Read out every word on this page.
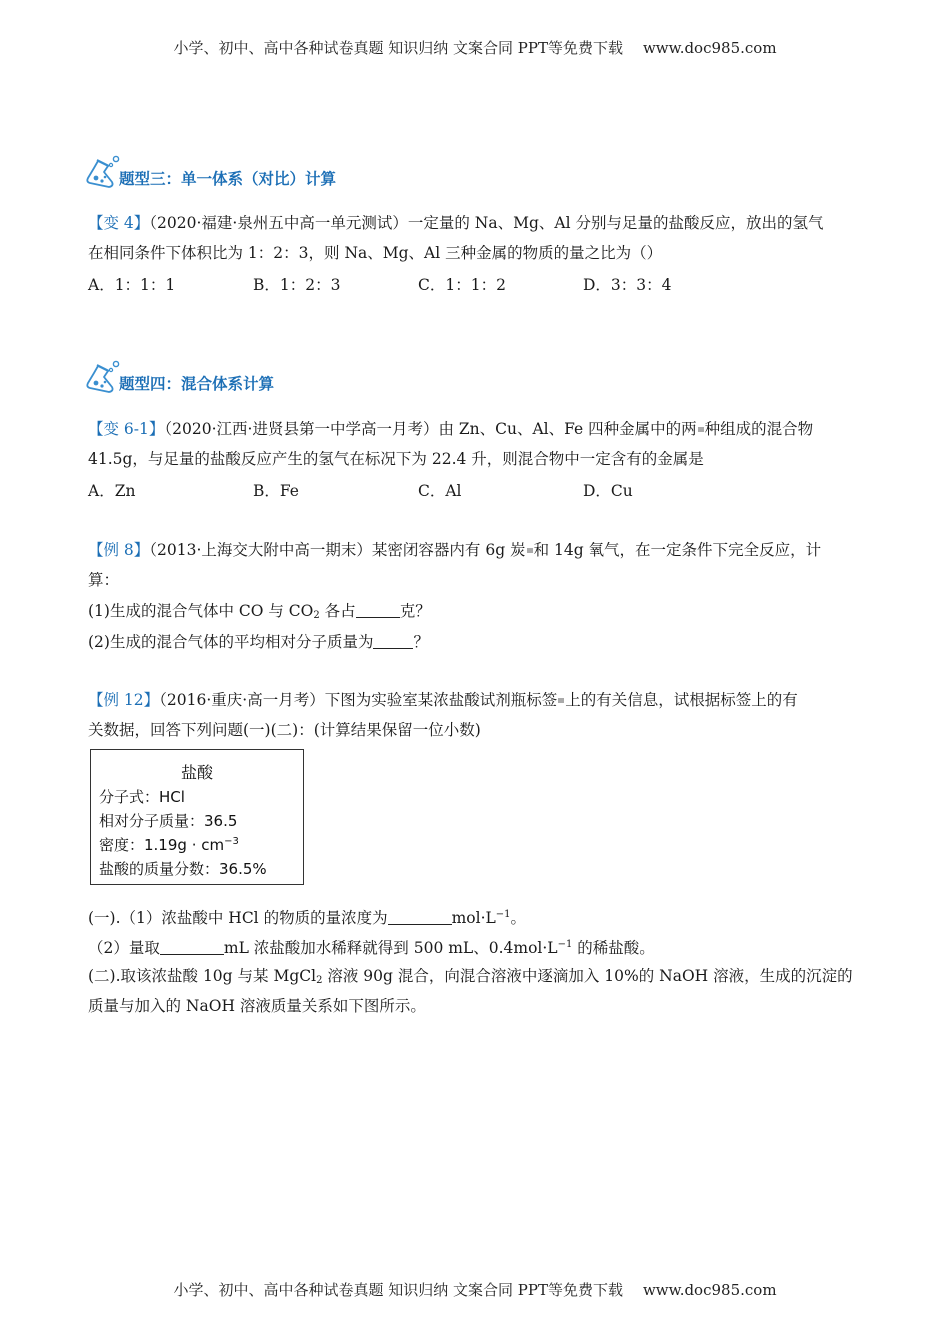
小学、初中、高中各种试卷真题 知识归纳 文案合同 PPT等免费下载 www.doc985.com
题型三：单一体系（对比）计算
【变 4】（2020·福建·泉州五中高一单元测试）一定量的 Na、Mg、Al 分别与足量的盐酸反应，放出的氢气
在相同条件下体积比为 1：2：3，则 Na、Mg、Al 三种金属的物质的量之比为（）
A．1：1：1	B．1：2：3	C．1：1：2	D．3：3：4
题型四：混合体系计算
【变 6-1】（2020·江西·进贤县第一中学高一月考）由 Zn、Cu、Al、Fe 四种金属中的两 种组成的混合物
41.5g，与足量的盐酸反应产生的氢气在标况下为 22.4 升，则混合物中一定含有的金属是
A．Zn	B．Fe	C．Al	D．Cu
【例 8】（2013·上海交大附中高一期末）某密闭容器内有 6g 炭 和 14g 氧气，在一定条件下完全反应，计
算：
(1)生成的混合气体中 CO 与 $CO_2$ 各占	克？
(2)生成的混合气体的平均相对分子质量为	？
【例 12】（2016·重庆·高一月考）下图为实验室某浓盐酸试剂瓶标签 上的有关信息，试根据标签上的有
关数据，回答下列问题(一)(二)：(计算结果保留一位小数)
盐酸
分子式：HCl
相对分子质量：36.5
密度：$1.19g \cdot cm^{-3}$
盐酸的质量分数：36.5%
(一).（1）浓盐酸中 HCl 的物质的量浓度为	$mol\cdot L^{-1}$。
（2）量取	mL 浓盐酸加水稀释就得到 500 mL、$0.4mol\cdot L^{-1}$ 的稀盐酸。
(二).取该浓盐酸 10g 与某 MgCl$_2$ 溶液 90g 混合，向混合溶液中逐滴加入 10%的 NaOH 溶液，生成的沉淀的
质量与加入的 NaOH 溶液质量关系如下图所示。
小学、初中、高中各种试卷真题 知识归纳 文案合同 PPT等免费下载 www.doc985.com
